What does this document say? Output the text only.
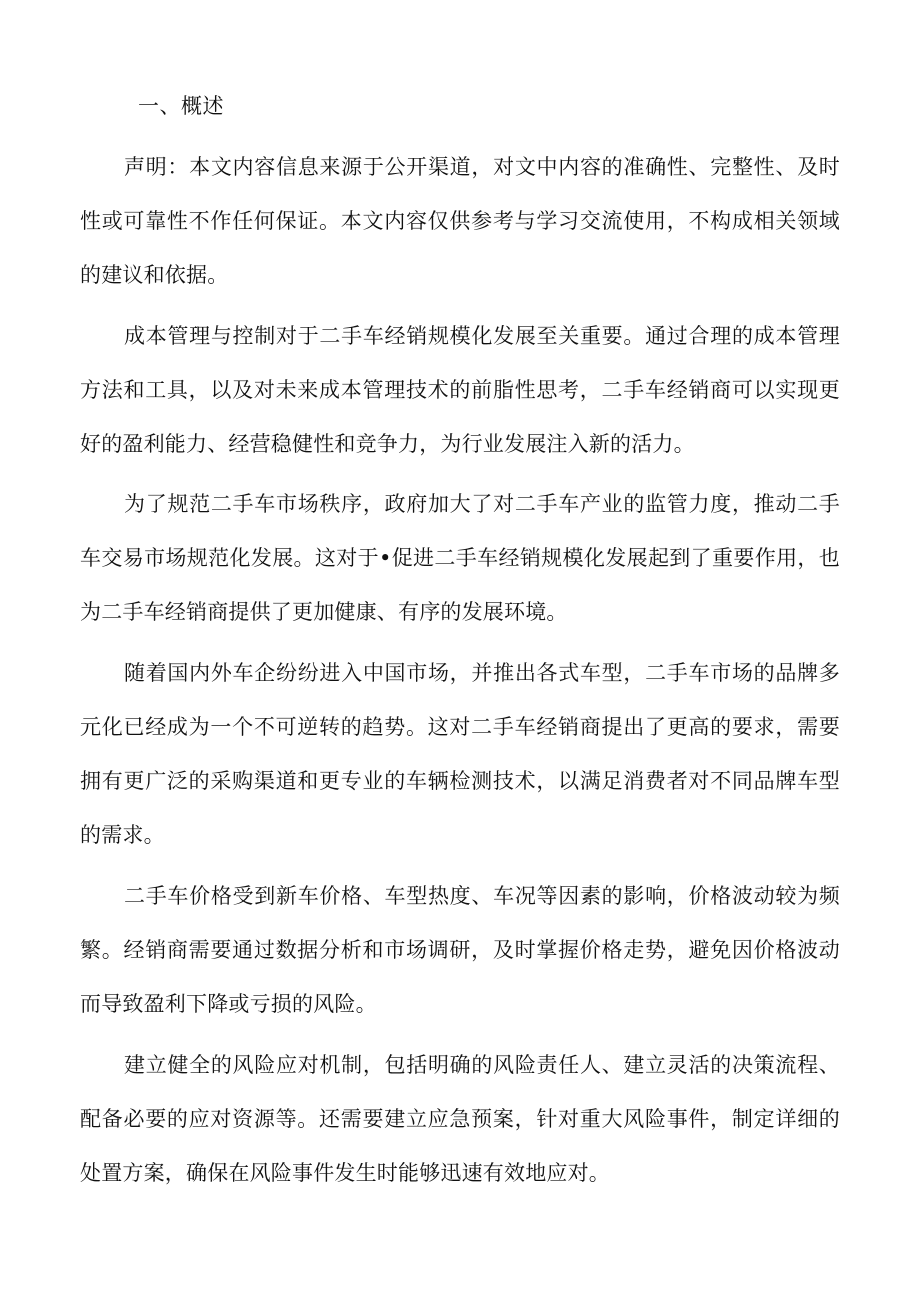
一、概述

声明：本文内容信息来源于公开渠道，对文中内容的准确性、完整性、及时性或可靠性不作任何保证。本文内容仅供参考与学习交流使用，不构成相关领域的建议和依据。

成本管理与控制对于二手车经销规模化发展至关重要。通过合理的成本管理方法和工具，以及对未来成本管理技术的前脂性思考，二手车经销商可以实现更好的盈利能力、经营稳健性和竞争力，为行业发展注入新的活力。

为了规范二手车市场秩序，政府加大了对二手车产业的监管力度，推动二手车交易市场规范化发展。这对于•促进二手车经销规模化发展起到了重要作用，也为二手车经销商提供了更加健康、有序的发展环境。

随着国内外车企纷纷进入中国市场，并推出各式车型，二手车市场的品牌多元化已经成为一个不可逆转的趋势。这对二手车经销商提出了更高的要求，需要拥有更广泛的采购渠道和更专业的车辆检测技术，以满足消费者对不同品牌车型的需求。

二手车价格受到新车价格、车型热度、车况等因素的影响，价格波动较为频繁。经销商需要通过数据分析和市场调研，及时掌握价格走势，避免因价格波动而导致盈利下降或亏损的风险。

建立健全的风险应对机制，包括明确的风险责任人、建立灵活的决策流程、配备必要的应对资源等。还需要建立应急预案，针对重大风险事件，制定详细的处置方案，确保在风险事件发生时能够迅速有效地应对。
